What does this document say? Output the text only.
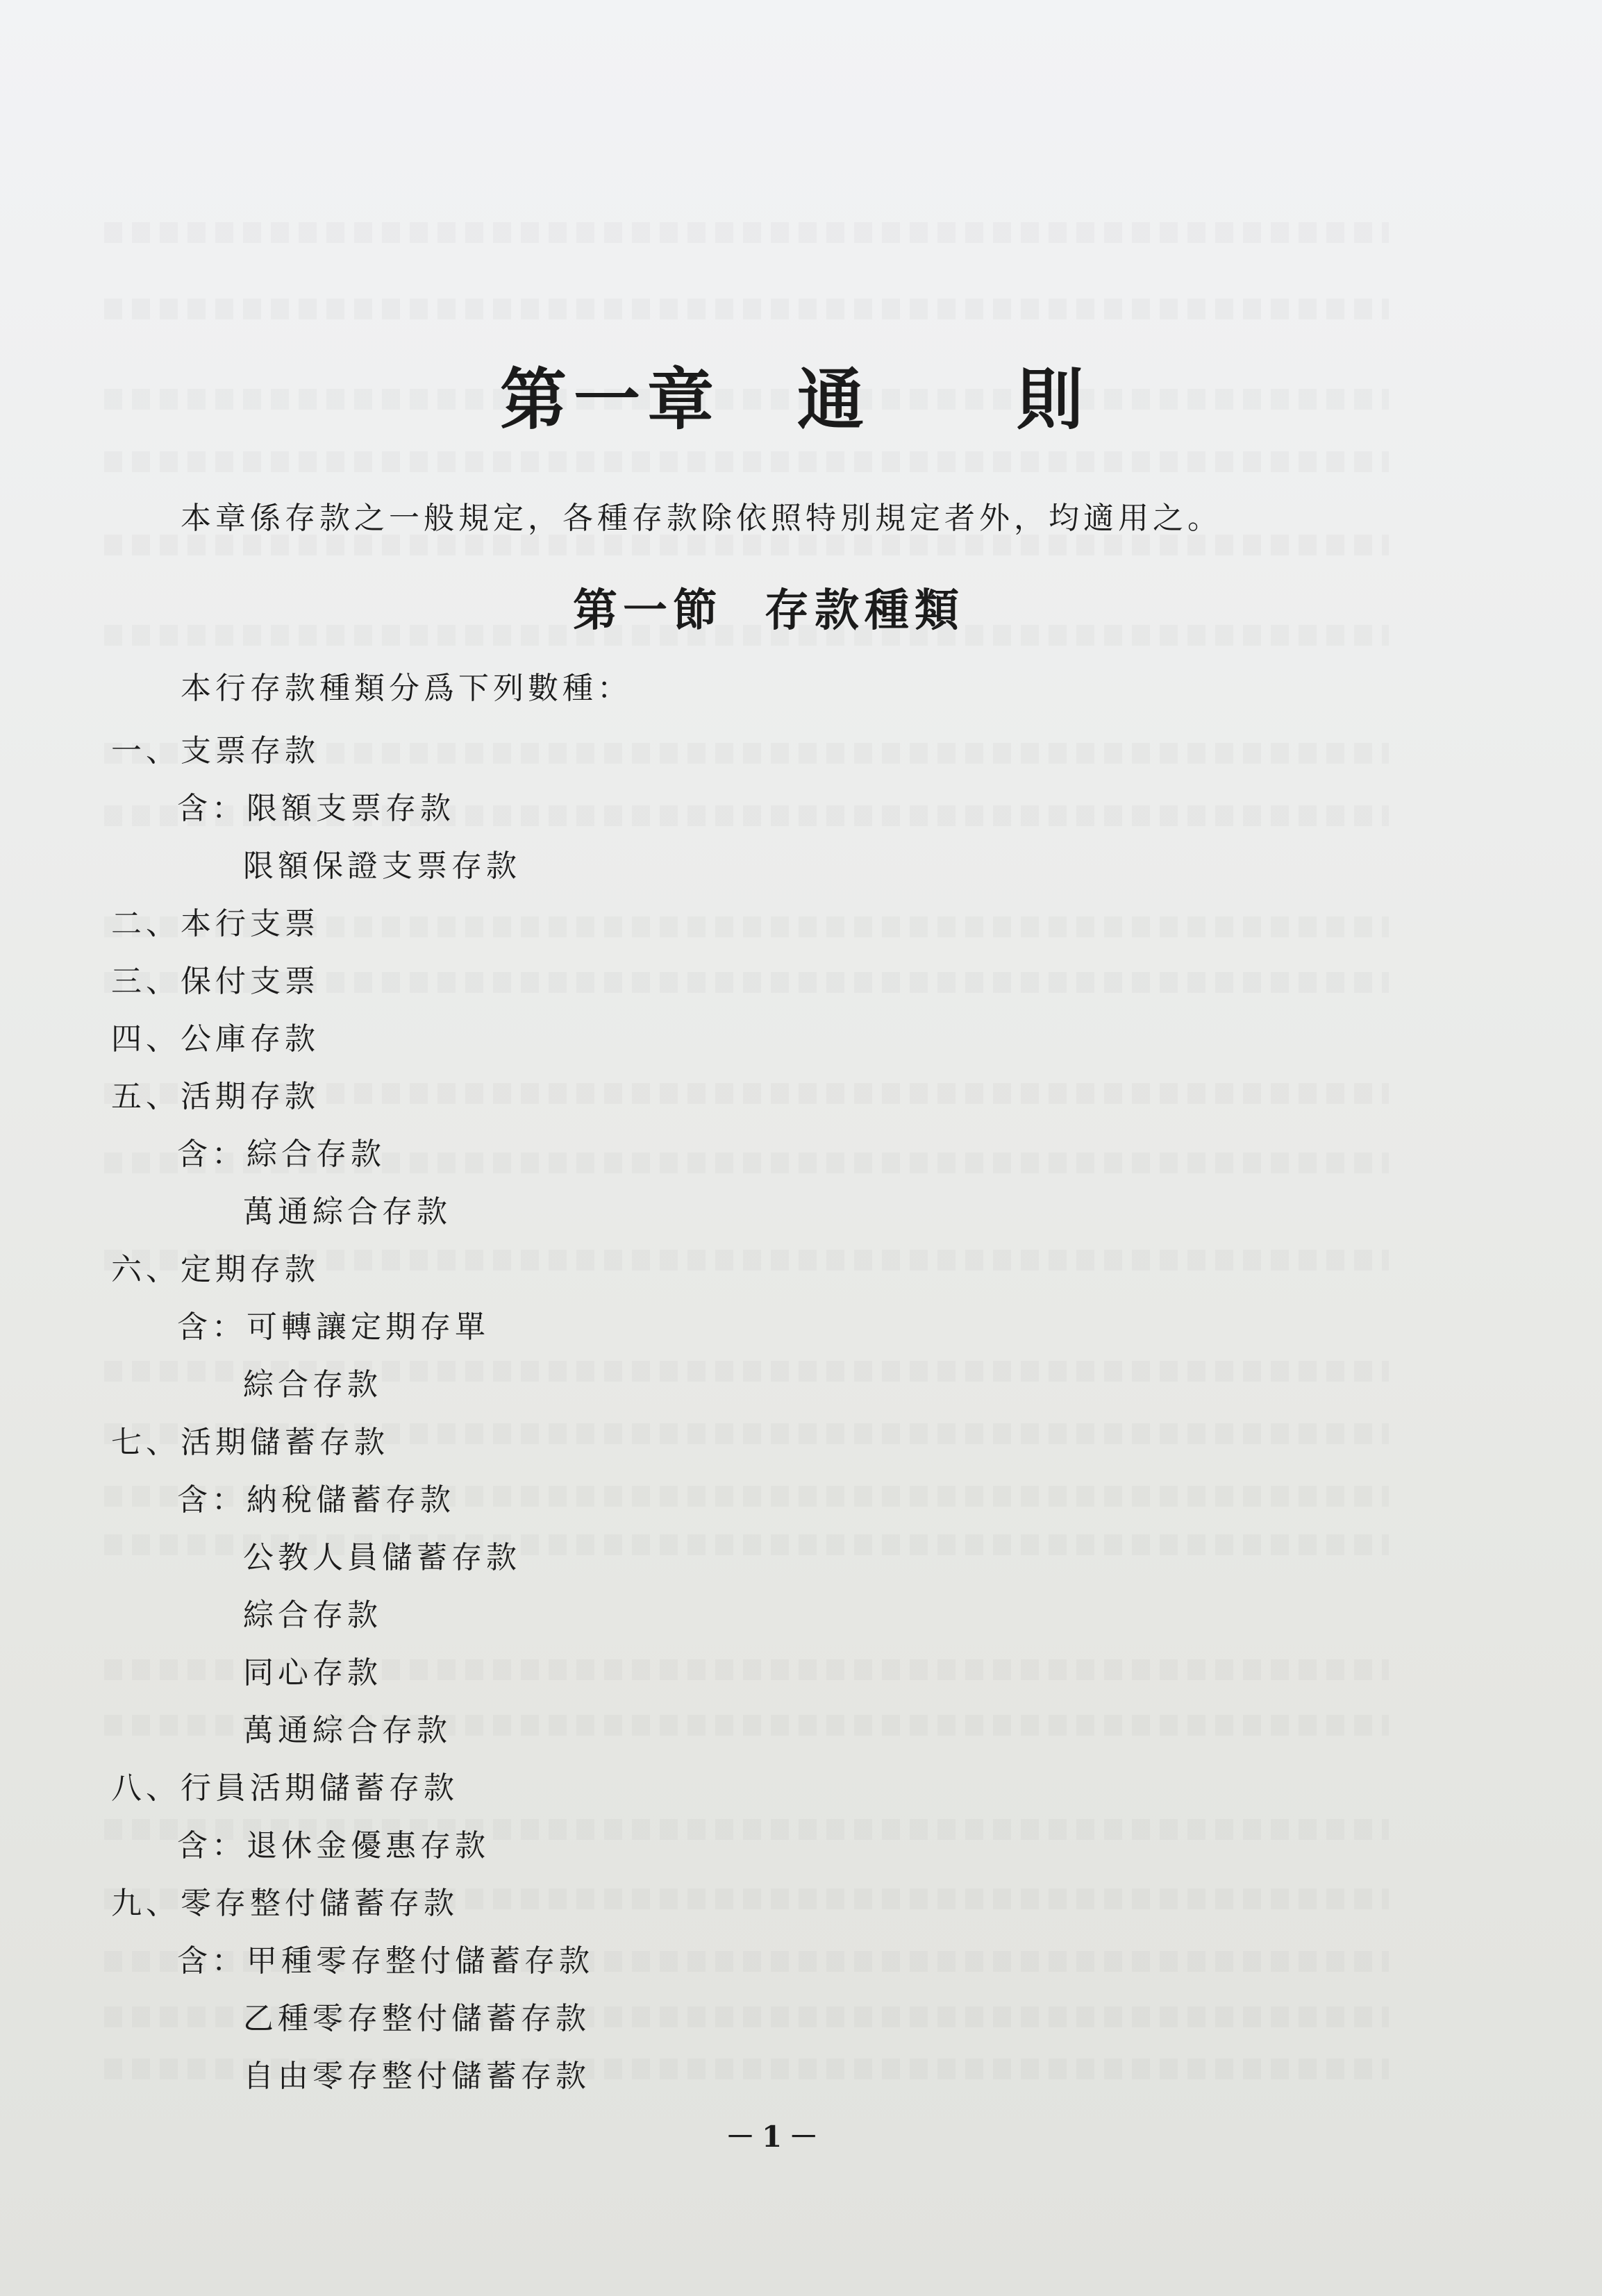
第一章 通 則
本章係存款之一般規定，各種存款除依照特別規定者外，均適用之。
第一節 存款種類
本行存款種類分爲下列數種：
一、支票存款
含：限額支票存款
限額保證支票存款
二、本行支票
三、保付支票
四、公庫存款
五、活期存款
含：綜合存款
萬通綜合存款
六、定期存款
含：可轉讓定期存單
綜合存款
七、活期儲蓄存款
含：納稅儲蓄存款
公教人員儲蓄存款
綜合存款
同心存款
萬通綜合存款
八、行員活期儲蓄存款
含：退休金優惠存款
九、零存整付儲蓄存款
含：甲種零存整付儲蓄存款
乙種零存整付儲蓄存款
自由零存整付儲蓄存款
－1－
